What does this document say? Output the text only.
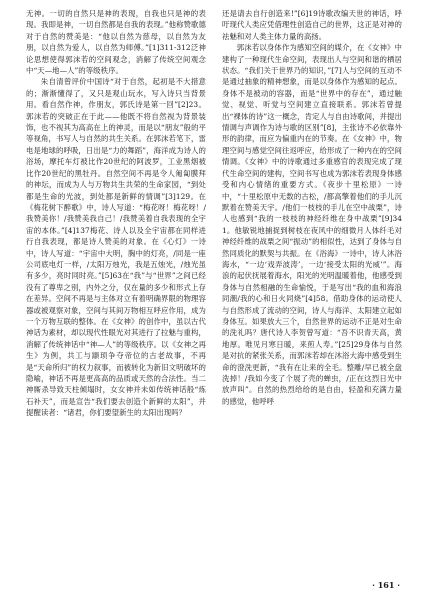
无神。一切的自然只是神的表现，自我也只是神的表现。我即是神，一切自然都是自我的表现。”他称赞歌德对于自然的赞美是：“他以自然为慈母，以自然为友朋，以自然为爱人，以自然为师傅。”[1]311-312泛神论思想使得郭沫若的空间观念，消解了传统空间观念中“天—地—人”的等级秩序。

朱自清曾评价中国诗“对于自然，起初是不大措意的；渐渐懂得了，又只是观山玩水，写入诗只当背景用。看自然作神，作朋友，郭氏诗是第一回”[2]23。郭沫若的突破正在于此——他既不将自然视为背景装饰，也不视其为高高在上的神灵，而是以“朋友”般的平等视角，书写人与自然的共生关系。在郭沫若笔下，雷电是地球的呼吸，日出是“力的舞蹈”，海洋成为诗人的浴场，摩托车灯被比作20世纪的阿波罗，工业黑烟被比作20世纪的黑牡丹。自然空间不再是令人匍匐膜拜的神坛，而成为人与万物共生共荣的生命家园，“到处都是生命的光波，到处都是新鲜的情调”[3]129。在《梅花树下醉歌》中，诗人写道：“梅花呀！梅花呀！/我赞美你！/我赞美我自己！/我赞美着自我表现的全宇宙的本体。”[4]137梅花、诗人以及全宇宙都在同样进行自我表现，都是诗人赞美的对象。在《心灯》一诗中，诗人写道：“宇宙中大明，胸中的灯亮，/同是一座公司底电灯一样，/太阳万烛光，我是五烛光，/烛光虽有多少，亮时同时亮。”[5]63在“我”与“世界”之间已经没有了尊卑之别，内外之分，仅在量的多少和形式上存在差异。空间不再是与主体对立有着明确界限的物理容器或被观察对象，空间与其间万物相互呼应作用，成为一个万物互联的整体。在《女神》的创作中，虽以古代神话为素材，却以现代性眼光对其进行了拉魅与重构，消解了传统神话中“神—人”的等级秩序。以《女神之再生》为例，共工与颛顼争夺帝位的古老故事，不再是“天命所归”的权力叙事，而被转化为新旧文明破坏的隐喻，神话不再是更高高的品质或天然的合法性。当二神厮杀导致天柱倾塌时，女女神并未如传统神话般“炼石补天”，而是宣告“我们要去创造个新鲜的太阳”，并提醒读者：“诸君，你们要望新生的太阳出现吗？

还是请去自行创造来!”[6]19诗歌改编天世的神话，呼吁现代人类应凭借理性创造自己的世界，这正是对神的祛魅和对人类主体力量的高扬。

郭沫若以身体作为感知空间的媒介，在《女神》中建构了一种现代生命空间，表现出人与空间和谐的栖居状态。“我们关于世界乃的知识，”[7]人与空间的互动不是通过抽象的精神想象，而是以身体作为感知的起点。身体不是被动的容器，而是“世界中的存在”，通过触觉、视觉、听觉与空间建立直接联系。郭沫若曾提出“裸体的诗”这一概念，肯定人与自由诗歌间，并提出情调与声调作为诗与歌的区别”[8]，主张诗不必依靠外形的韵律，而应为偏重内在的节奏。在《女神》中，物理空间与感觉空间往返呼应，给形成了一种内在的空间情调。《女神》中的诗歌通过多重感官的表现完成了现代生命空间的建构，空间书写也成为郭沫若表现身体感受和内心情绪的重要方式。《夜步十里松原》一诗中，“十里松原中无数的古松，/都高擎着他们的手儿沉默着在赞美天宇。/他们一枝枝的手儿在空中战栗”，诗人也感到“我的一枝枝的神经纤维在身中战栗”[9]341。他敏锐地捕捉到树枝在夜风中的细微月人体纤毛对神经纤维的战栗之间“振动”的相似性，达到了身体与自然同质化的默契与共振。在《浴海》一诗中，诗人沐浴海水，“一边‘戏弄波涛’，一边‘接受太阳的光威’”。海浪的起伏抚展着海水，阳光的光明温暖着他，他感受到身体与自然相融的生命愉悦，于是写出“我的血和海浪同潮/我的心和日火同烧”[4]58。借助身体的运动使人与自然形成了流动的空间，诗人与海洋、太阳建立起如身体互。如果放大三个，自然世界的运动不正是对生命的洗礼吗？唐代诗人李贺曾写道：“吾不识青天高，黄地厚。唯见月寒日暖，来煎人寿。”[25]29身体与自然是对抗的紧张关系，而郭沫若却在沐浴大海中感受到生命的澄洗更新，“我有在让来的全毛。整雕/早已被全盘洗掉！/我如今变了个展了壳的蝉虫，/正在这烈日光中放声叫”。自然的热烈给给的是自由，轻盈和充满力量的感觉，他呼呼

· 161 ·
